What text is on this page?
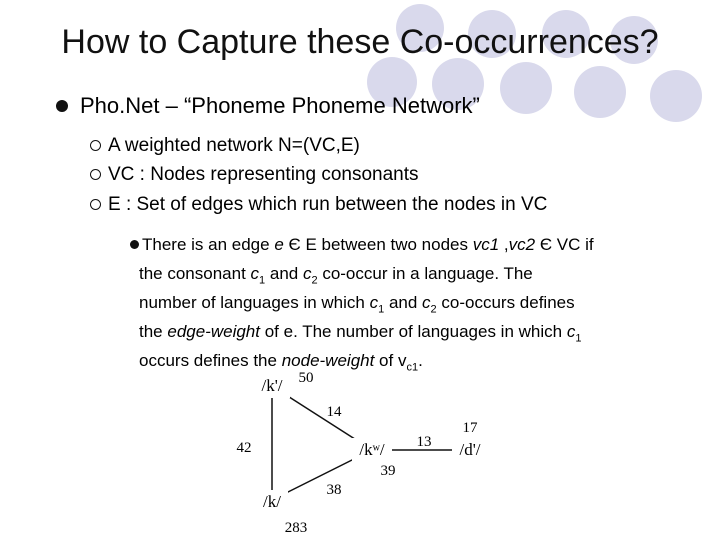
How to Capture these Co-occurrences?
Pho.Net – “Phoneme Phoneme Network”
A weighted network N=(VC,E)
VC : Nodes representing consonants
E : Set of edges which run between the nodes in VC
There is an edge e Є E between two nodes vc1 ,vc2 Є VC if
the consonant $c_1$ and $c_2$ co-occur in a language. The
number of languages in which $c_1$ and $c_2$ co-occurs defines
the edge-weight of e. The number of languages in which $c_1$
occurs defines the node-weight of $v_{c1}$.
/k'/ 50
/kʷ/
39
/k/
283
/d'/
17
14
42
38
13
